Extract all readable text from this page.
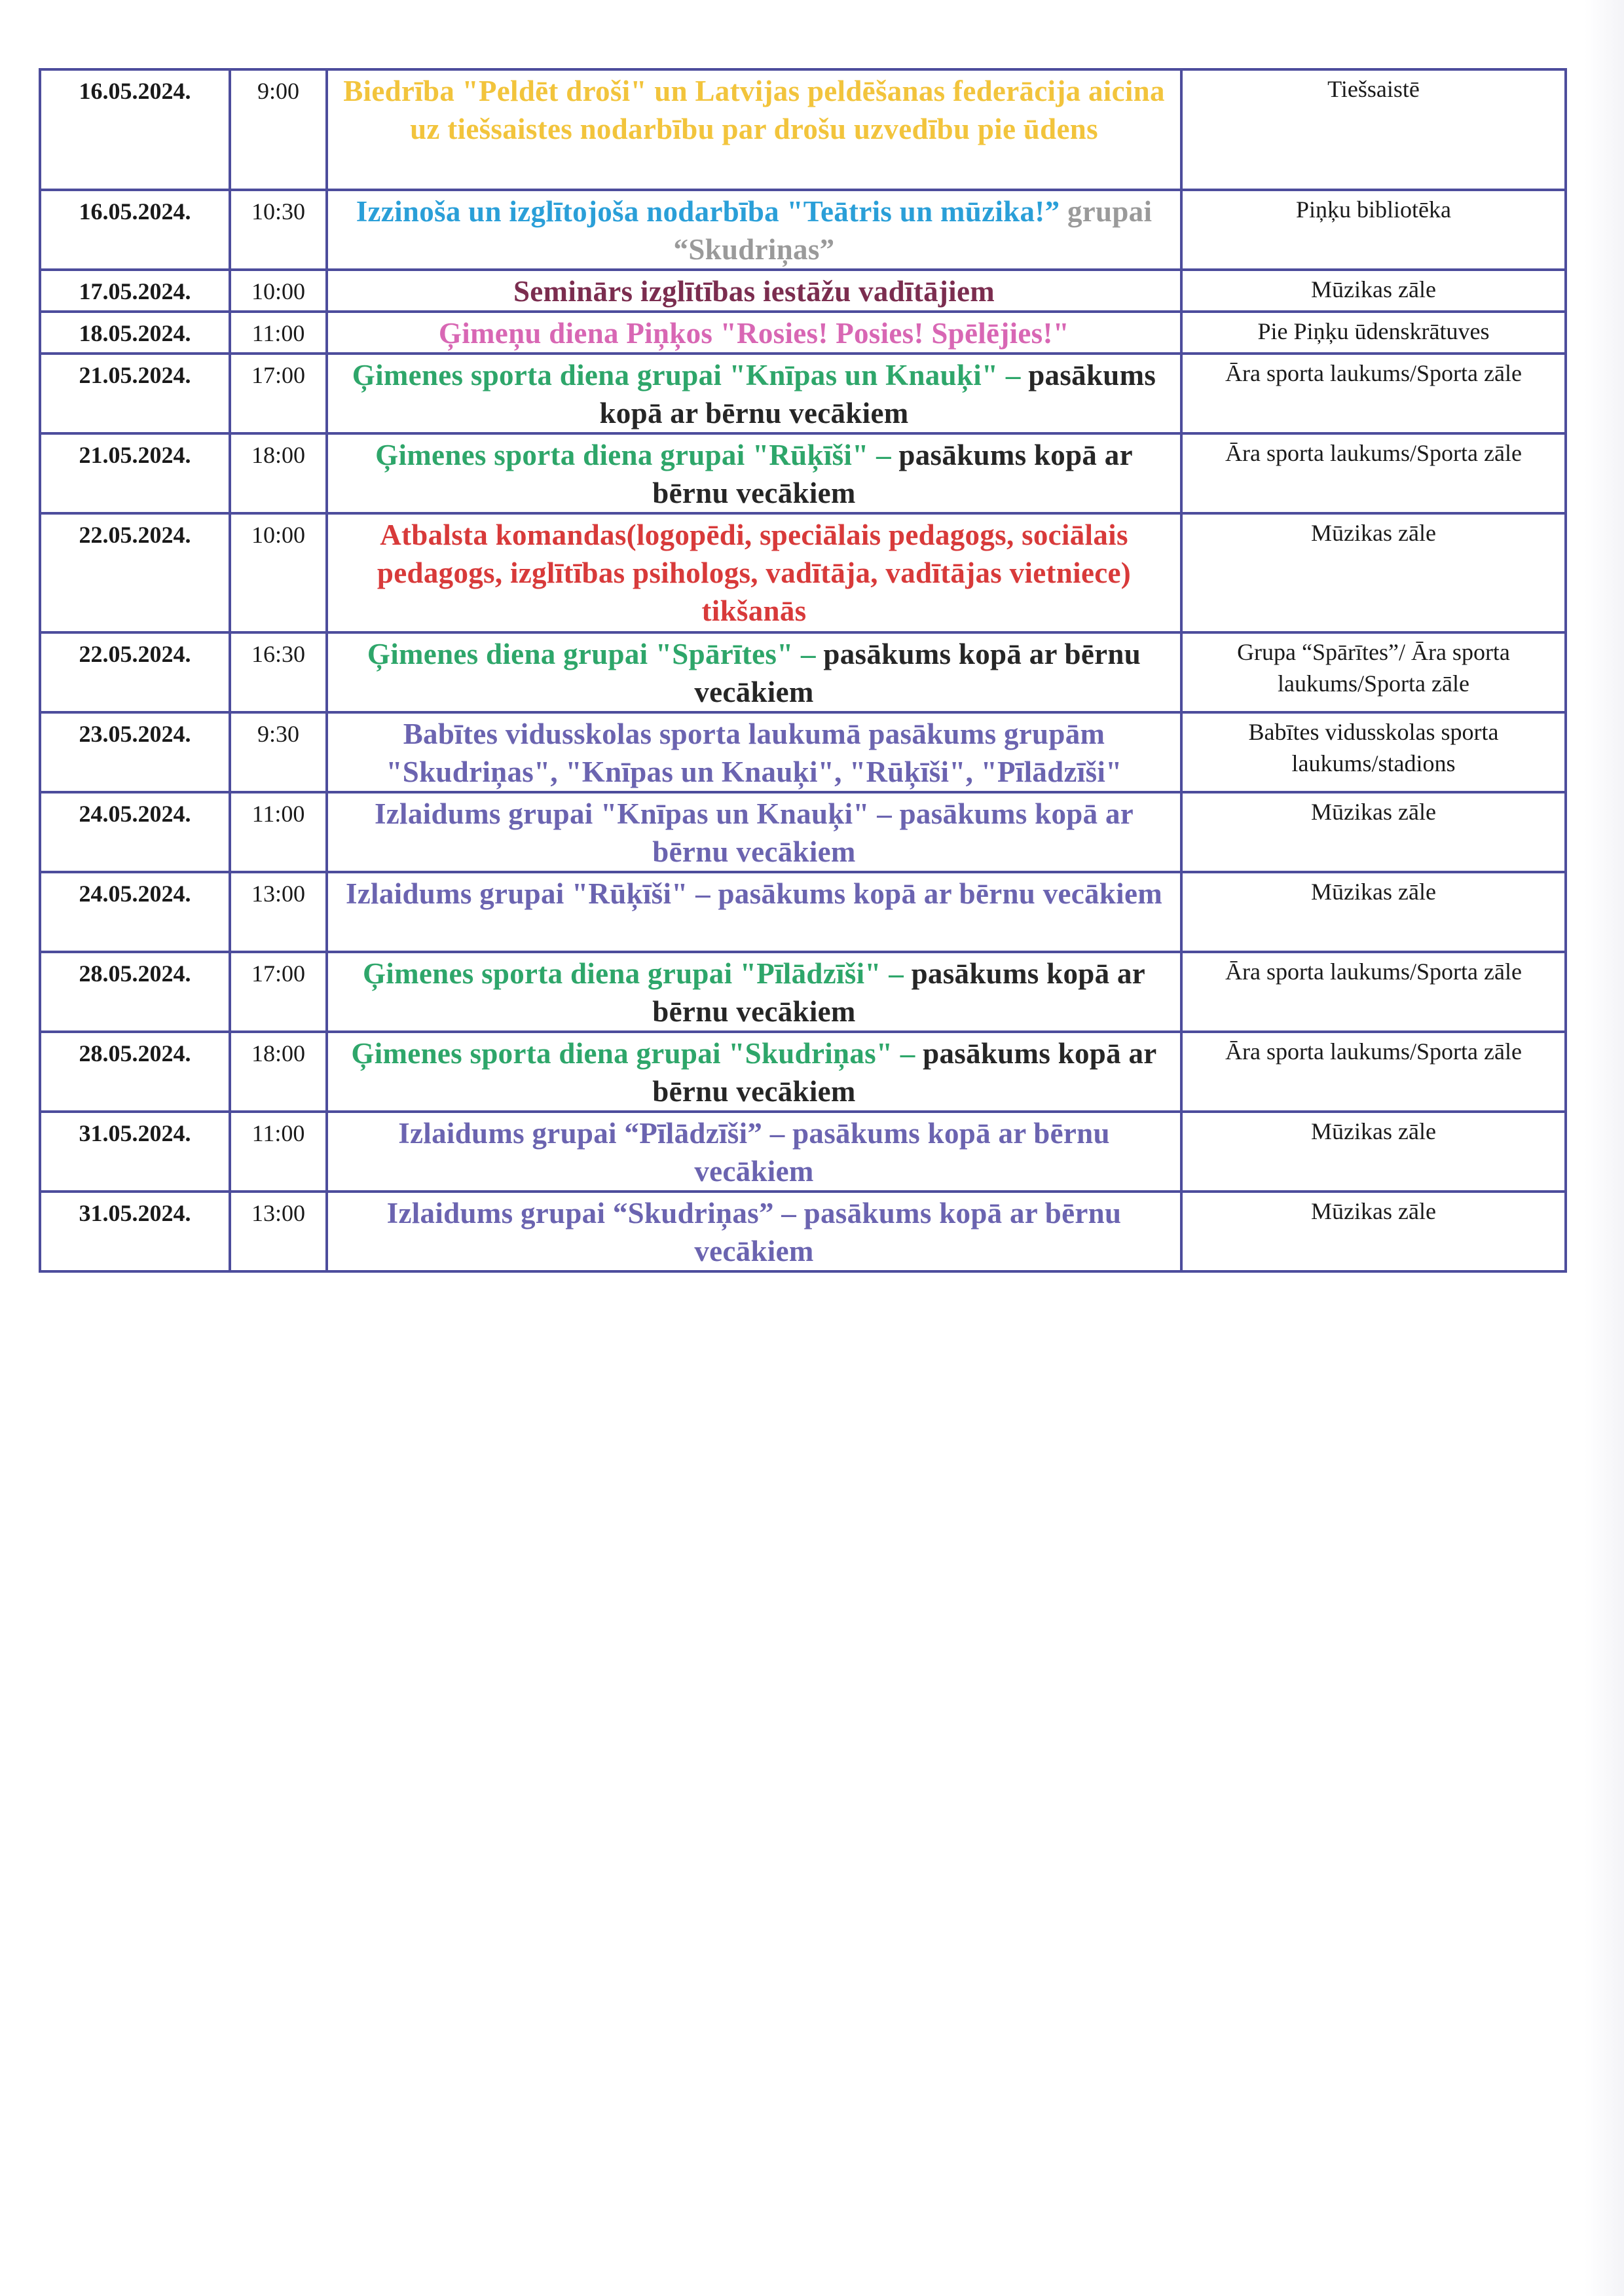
16.05.2024.	9:00	Biedrība "Peldēt droši" un Latvijas peldēšanas federācija aicina uz tiešsaistes nodarbību par drošu uzvedību pie ūdens	Tiešsaistē
16.05.2024.	10:30	Izzinoša un izglītojoša nodarbība "Teātris un mūzika!” grupai “Skudriņas”	Piņķu bibliotēka
17.05.2024.	10:00	Seminārs izglītības iestāžu vadītājiem	Mūzikas zāle
18.05.2024.	11:00	Ģimeņu diena Piņķos "Rosies! Posies! Spēlējies!"	Pie Piņķu ūdenskrātuves
21.05.2024.	17:00	Ģimenes sporta diena grupai "Knīpas un Knauķi" – pasākums kopā ar bērnu vecākiem	Āra sporta laukums/Sporta zāle
21.05.2024.	18:00	Ģimenes sporta diena grupai "Rūķīši" – pasākums kopā ar bērnu vecākiem	Āra sporta laukums/Sporta zāle
22.05.2024.	10:00	Atbalsta komandas(logopēdi, speciālais pedagogs, sociālais pedagogs, izglītības psihologs, vadītāja, vadītājas vietniece) tikšanās	Mūzikas zāle
22.05.2024.	16:30	Ģimenes diena grupai "Spārītes" – pasākums kopā ar bērnu vecākiem	Grupa “Spārītes”/ Āra sporta laukums/Sporta zāle
23.05.2024.	9:30	Babītes vidusskolas sporta laukumā pasākums grupām "Skudriņas", "Knīpas un Knauķi", "Rūķīši", "Pīlādzīši"	Babītes vidusskolas sporta laukums/stadions
24.05.2024.	11:00	Izlaidums grupai "Knīpas un Knauķi" – pasākums kopā ar bērnu vecākiem	Mūzikas zāle
24.05.2024.	13:00	Izlaidums grupai "Rūķīši" – pasākums kopā ar bērnu vecākiem	Mūzikas zāle
28.05.2024.	17:00	Ģimenes sporta diena grupai "Pīlādzīši" – pasākums kopā ar bērnu vecākiem	Āra sporta laukums/Sporta zāle
28.05.2024.	18:00	Ģimenes sporta diena grupai "Skudriņas" – pasākums kopā ar bērnu vecākiem	Āra sporta laukums/Sporta zāle
31.05.2024.	11:00	Izlaidums grupai “Pīlādzīši” – pasākums kopā ar bērnu vecākiem	Mūzikas zāle
31.05.2024.	13:00	Izlaidums grupai “Skudriņas” – pasākums kopā ar bērnu vecākiem	Mūzikas zāle
